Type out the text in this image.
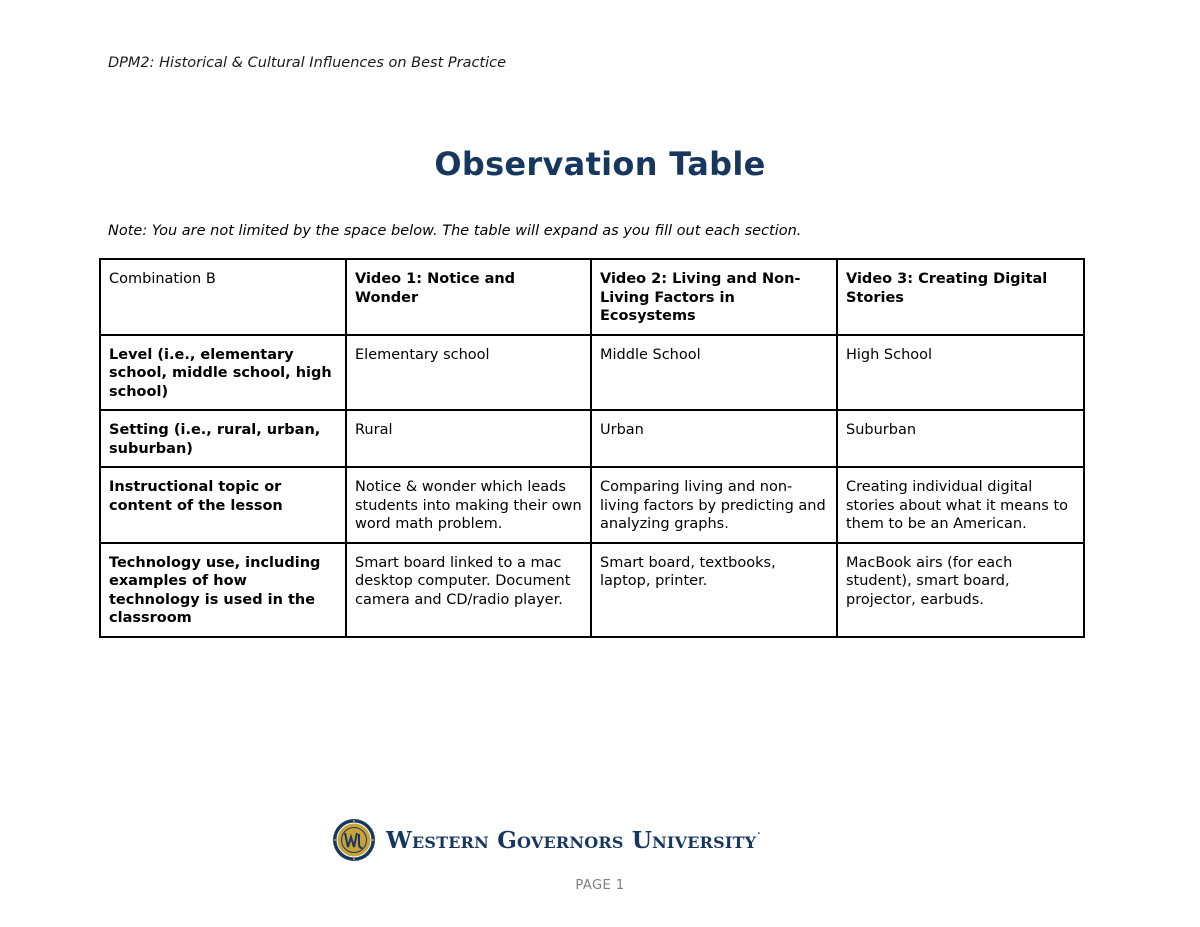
DPM2: Historical & Cultural Influences on Best Practice
Observation Table
Note: You are not limited by the space below. The table will expand as you fill out each section.
Combination B	Video 1: Notice and Wonder	Video 2: Living and Non-Living Factors in Ecosystems	Video 3: Creating Digital Stories
Level (i.e., elementary school, middle school, high school)	Elementary school	Middle School	High School
Setting (i.e., rural, urban, suburban)	Rural	Urban	Suburban
Instructional topic or content of the lesson	Notice & wonder which leads students into making their own word math problem.	Comparing living and non-living factors by predicting and analyzing graphs.	Creating individual digital stories about what it means to them to be an American.
Technology use, including examples of how technology is used in the classroom	Smart board linked to a mac desktop computer. Document camera and CD/radio player.	Smart board, textbooks, laptop, printer.	MacBook airs (for each student), smart board, projector, earbuds.
Western Governors University.
PAGE 1
